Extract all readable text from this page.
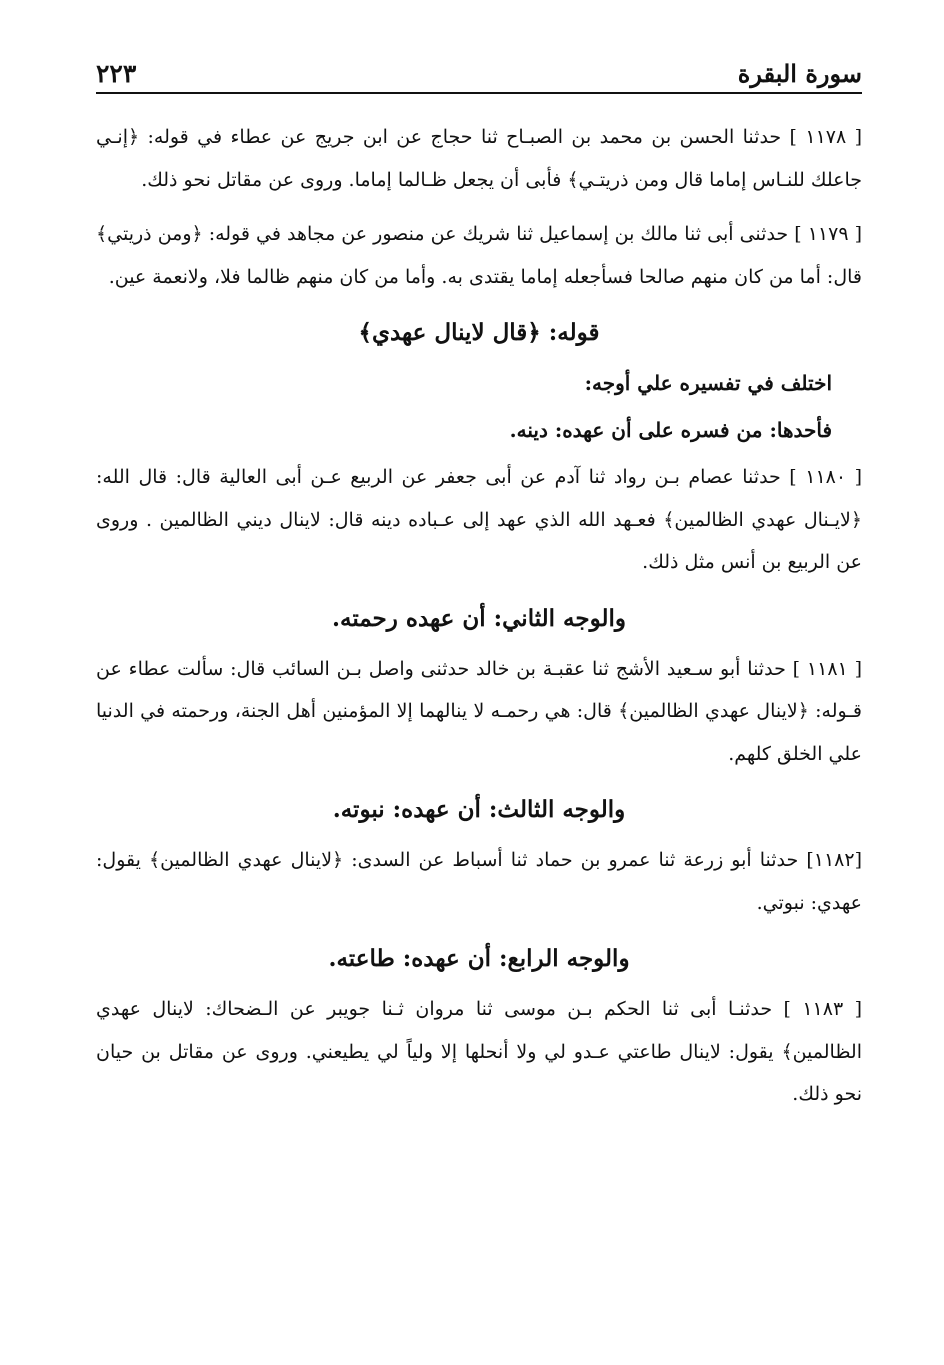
سورة البقرة
٢٢٣

[ ١١٧٨ ] حدثنا الحسن بن محمد بن الصبـاح ثنا حجاج عن ابن جريج عن عطاء في قوله: ﴿إنـي جاعلك للنـاس إماما قال ومن ذريتـي﴾ فأبى أن يجعل ظـالما إماما. وروى عن مقاتل نحو ذلك.

[ ١١٧٩ ] حدثنى أبى ثنا مالك بن إسماعيل ثنا شريك عن منصور عن مجاهد في قوله: ﴿ومن ذريتي﴾ قال: أما من كان منهم صالحا فسأجعله إماما يقتدى به. وأما من كان منهم ظالما فلا، ولانعمة عين.

قوله: ﴿قال لاينال عهدي﴾
اختلف في تفسيره علي أوجه:
فأحدها: من فسره على أن عهده: دينه.

[ ١١٨٠ ] حدثنا عصام بـن رواد ثنا آدم عن أبى جعفر عن الربيع عـن أبى العالية قال: قال الله: ﴿لايـنال عهدي الظالمين﴾ فعـهد الله الذي عهد إلى عـباده دينه قال: لاينال ديني الظالمين . وروى عن الربيع بن أنس مثل ذلك.

والوجه الثاني: أن عهده رحمته.

[ ١١٨١ ] حدثنا أبو سـعيد الأشج ثنا عقبـة بن خالد حدثنى واصل بـن السائب قال: سألت عطاء عن قـوله: ﴿لاينال عهدي الظالمين﴾ قال: هي رحمـه لا ينالهما إلا المؤمنين أهل الجنة، ورحمته في الدنيا علي الخلق كلهم.

والوجه الثالث: أن عهده: نبوته.

[١١٨٢] حدثنا أبو زرعة ثنا عمرو بن حماد ثنا أسباط عن السدى: ﴿لاينال عهدي الظالمين﴾ يقول: عهدي: نبوتي.

والوجه الرابع: أن عهده: طاعته.

[ ١١٨٣ ] حدثنـا أبى ثنا الحكم بـن موسى ثنا مروان ثـنا جويبر عن الـضحاك: لاينال عهدي الظالمين﴾ يقول: لاينال طاعتي عـدو لي ولا أنحلها إلا ولياً لي يطيعني. وروى عن مقاتل بن حيان نحو ذلك.
